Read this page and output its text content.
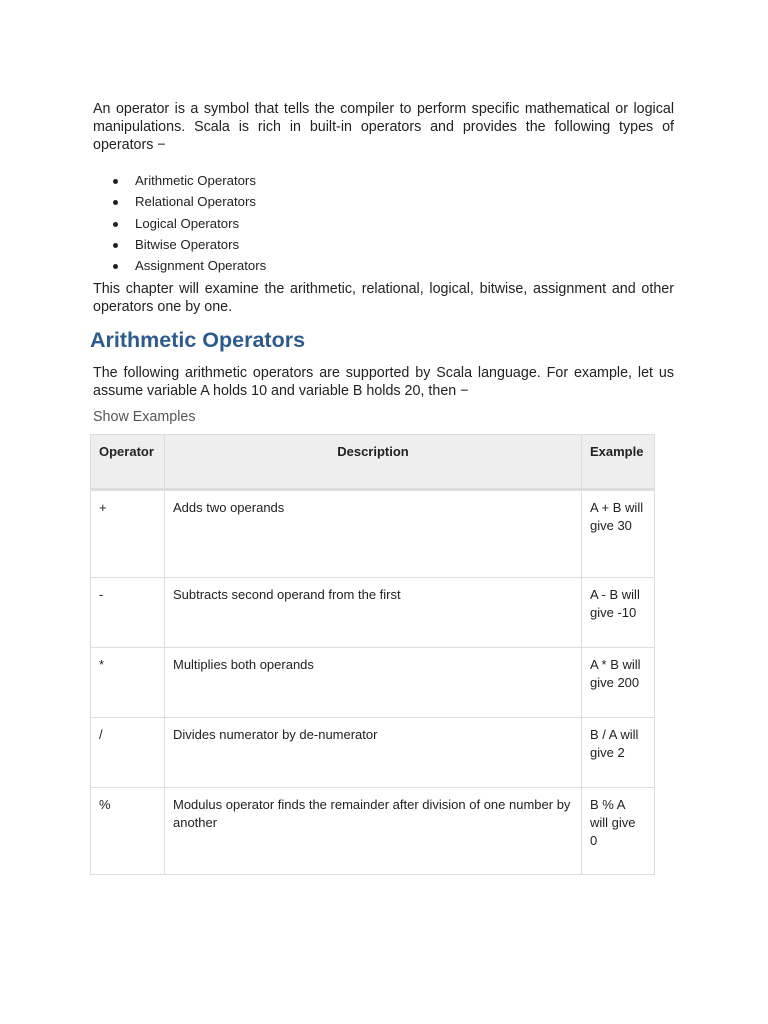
An operator is a symbol that tells the compiler to perform specific mathematical or logical manipulations. Scala is rich in built-in operators and provides the following types of operators −

Arithmetic Operators
Relational Operators
Logical Operators
Bitwise Operators
Assignment Operators

This chapter will examine the arithmetic, relational, logical, bitwise, assignment and other operators one by one.

Arithmetic Operators

The following arithmetic operators are supported by Scala language. For example, let us assume variable A holds 10 and variable B holds 20, then −

Show Examples

Operator	Description	Example
+	Adds two operands	A + B will give 30
-	Subtracts second operand from the first	A - B will give -10
*	Multiplies both operands	A * B will give 200
/	Divides numerator by de-numerator	B / A will give 2
%	Modulus operator finds the remainder after division of one number by another	B % A will give 0
